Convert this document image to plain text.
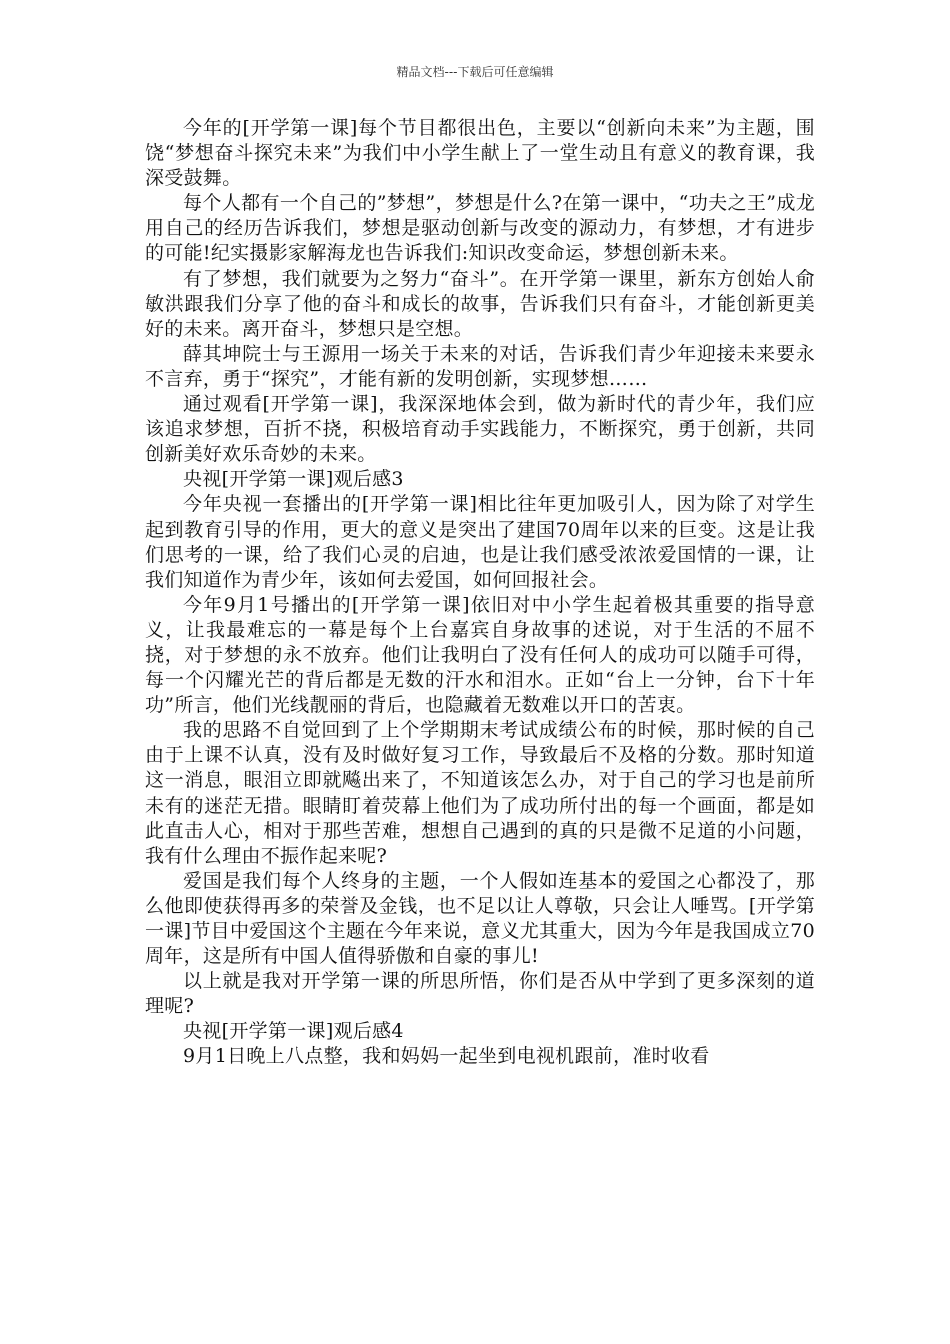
精品文档---下载后可任意编辑

今年的[开学第一课]每个节目都很出色，主要以“创新向未来”为主题，围饶“梦想奋斗探究未来”为我们中小学生献上了一堂生动且有意义的教育课，我深受鼓舞。

每个人都有一个自己的”梦想”，梦想是什么?在第一课中，“功夫之王”成龙用自己的经历告诉我们，梦想是驱动创新与改变的源动力，有梦想，才有进步的可能!纪实摄影家解海龙也告诉我们:知识改变命运，梦想创新未来。

有了梦想，我们就要为之努力“奋斗”。在开学第一课里，新东方创始人俞敏洪跟我们分享了他的奋斗和成长的故事，告诉我们只有奋斗，才能创新更美好的未来。离开奋斗，梦想只是空想。

薛其坤院士与王源用一场关于未来的对话，告诉我们青少年迎接未来要永不言弃，勇于“探究”，才能有新的发明创新，实现梦想……

通过观看[开学第一课]，我深深地体会到，做为新时代的青少年，我们应该追求梦想，百折不挠，积极培育动手实践能力，不断探究，勇于创新，共同创新美好欢乐奇妙的未来。

央视[开学第一课]观后感3

今年央视一套播出的[开学第一课]相比往年更加吸引人，因为除了对学生起到教育引导的作用，更大的意义是突出了建国70周年以来的巨变。这是让我们思考的一课，给了我们心灵的启迪，也是让我们感受浓浓爱国情的一课，让我们知道作为青少年，该如何去爱国，如何回报社会。

今年9月1号播出的[开学第一课]依旧对中小学生起着极其重要的指导意义，让我最难忘的一幕是每个上台嘉宾自身故事的述说，对于生活的不屈不挠，对于梦想的永不放弃。他们让我明白了没有任何人的成功可以随手可得，每一个闪耀光芒的背后都是无数的汗水和泪水。正如“台上一分钟，台下十年功”所言，他们光线靓丽的背后，也隐藏着无数难以开口的苦衷。

我的思路不自觉回到了上个学期期末考试成绩公布的时候，那时候的自己由于上课不认真，没有及时做好复习工作，导致最后不及格的分数。那时知道这一消息，眼泪立即就飚出来了，不知道该怎么办，对于自己的学习也是前所未有的迷茫无措。眼睛盯着荧幕上他们为了成功所付出的每一个画面，都是如此直击人心，相对于那些苦难，想想自己遇到的真的只是微不足道的小问题，我有什么理由不振作起来呢?

爱国是我们每个人终身的主题，一个人假如连基本的爱国之心都没了，那么他即使获得再多的荣誉及金钱，也不足以让人尊敬，只会让人唾骂。[开学第一课]节目中爱国这个主题在今年来说，意义尤其重大，因为今年是我国成立70周年，这是所有中国人值得骄傲和自豪的事儿!

以上就是我对开学第一课的所思所悟，你们是否从中学到了更多深刻的道理呢?

央视[开学第一课]观后感4

9月1日晚上八点整，我和妈妈一起坐到电视机跟前，准时收看
